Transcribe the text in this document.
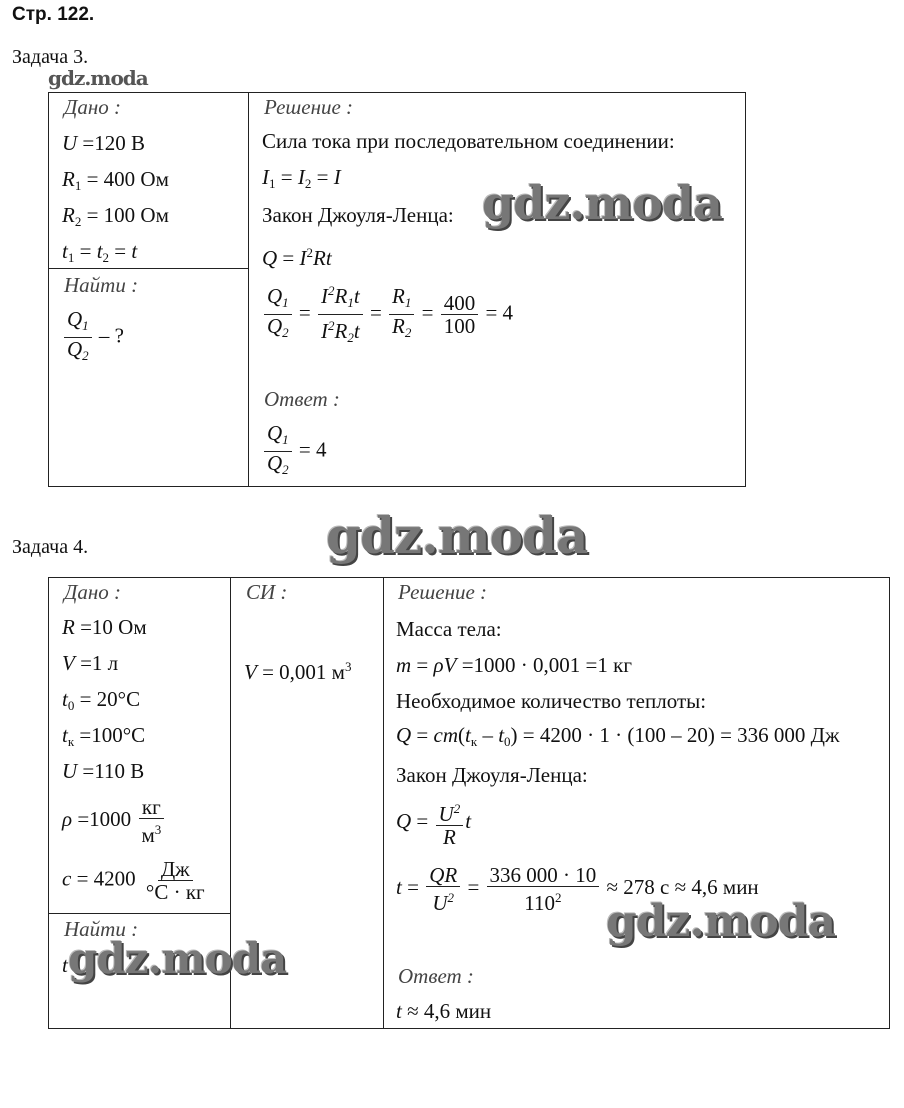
Стр. 122.
Задача 3.
gdz.moda
Дано :
U =120 В
$R_1 = 400$ Ом
$R_2 = 100$ Ом
$t_1 = t_2 = t$
Найти :
$\frac{Q_1}{Q_2}$ – ?
Решение :
Сила тока при последовательном соединении:
$I_1 = I_2 = I$
Закон Джоуля-Ленца:
$Q = I^2Rt$
$\frac{Q_1}{Q_2} = \frac{I^2R_1t}{I^2R_2t} = \frac{R_1}{R_2} = \frac{400}{100} = 4$
Ответ :
$\frac{Q_1}{Q_2} = 4$
gdz.moda
Задача 4.	gdz.moda
Дано :
R =10 Ом
V =1 л
$t_0 = 20^\circ C$
$t_к =100^\circ C$
U =110 В
$\rho =1000 \frac{кг}{м^3}$
$c = 4200 \frac{Дж}{^\circ C \cdot кг}$
Найти :
t gdz.moda
СИ :
V = 0,001 $м^3$
Решение :
Масса тела:
m = ρV =1000 · 0,001 =1 кг
Необходимое количество теплоты:
$Q = cm(t_к - t_0) = 4200 \cdot 1 \cdot (100 - 20) = 336$ 000 Дж
Закон Джоуля-Ленца:
$Q = \frac{U^2}{R}$ t
$t = \frac{QR}{U^2} = \frac{336 000 \cdot 10}{110^2} \approx 278$ с ≈ 4,6 мин
gdz.moda
Ответ :
t ≈ 4,6 мин
